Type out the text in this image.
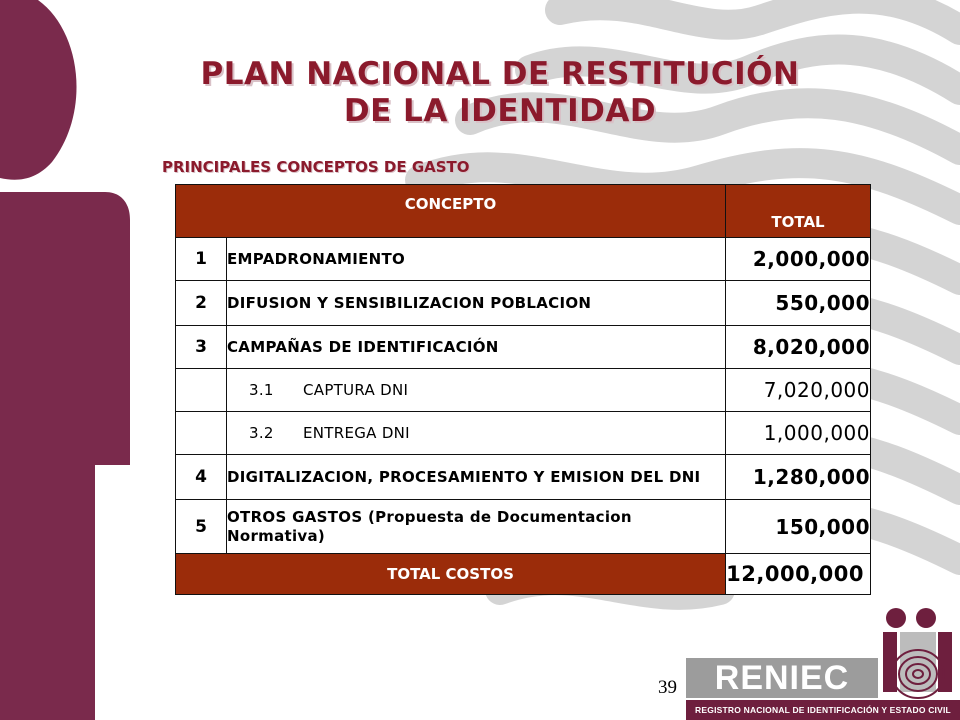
PLAN NACIONAL DE RESTITUCIÓN
DE LA IDENTIDAD
PRINCIPALES CONCEPTOS DE GASTO
CONCEPTO		TOTAL
1	EMPADRONAMIENTO	2,000,000
2	DIFUSION Y SENSIBILIZACION POBLACION	550,000
3	CAMPAÑAS DE IDENTIFICACIÓN	8,020,000
	3.1 CAPTURA DNI	7,020,000
	3.2 ENTREGA DNI	1,000,000
4	DIGITALIZACION, PROCESAMIENTO Y EMISION DEL DNI	1,280,000
5	OTROS GASTOS (Propuesta de Documentacion Normativa)	150,000
TOTAL COSTOS		12,000,000
39	RENIEC
REGISTRO NACIONAL DE IDENTIFICACIÓN Y ESTADO CIVIL
